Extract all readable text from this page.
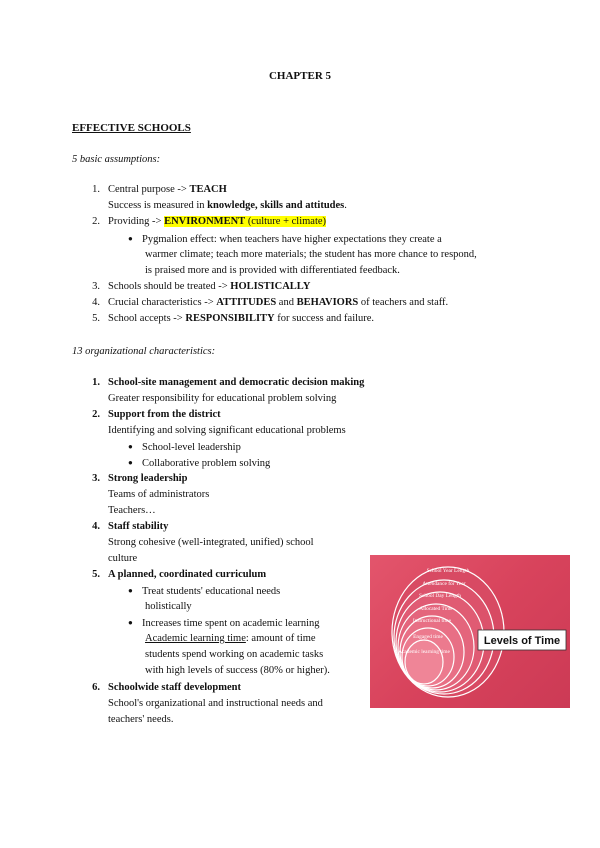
CHAPTER 5
EFFECTIVE SCHOOLS
5 basic assumptions:
1. Central purpose -> TEACH
Success is measured in knowledge, skills and attitudes.
2. Providing -> ENVIRONMENT (culture + climate)
● Pygmalion effect: when teachers have higher expectations they create a
warmer climate; teach more materials; the student has more chance to respond,
is praised more and is provided with differentiated feedback.
3. Schools should be treated -> HOLISTICALLY
4. Crucial characteristics -> ATTITUDES and BEHAVIORS of teachers and staff.
5. School accepts -> RESPONSIBILITY for success and failure.
13 organizational characteristics:
1. School-site management and democratic decision making
Greater responsibility for educational problem solving
2. Support from the district
Identifying and solving significant educational problems
● School-level leadership
● Collaborative problem solving
3. Strong leadership
Teams of administrators
Teachers…
4. Staff stability
Strong cohesive (well-integrated, unified) school
culture
5. A planned, coordinated curriculum
● Treat students' educational needs
holistically
● Increases time spent on academic learning
Academic learning time: amount of time
students spend working on academic tasks
with high levels of success (80% or higher).
6. Schoolwide staff development
School's organizational and instructional needs and
teachers' needs.
School Year Length
Attendance for Year
School Day Length
Allocated Time
Instructional time
Engaged time
Academic learning time
Levels of Time
